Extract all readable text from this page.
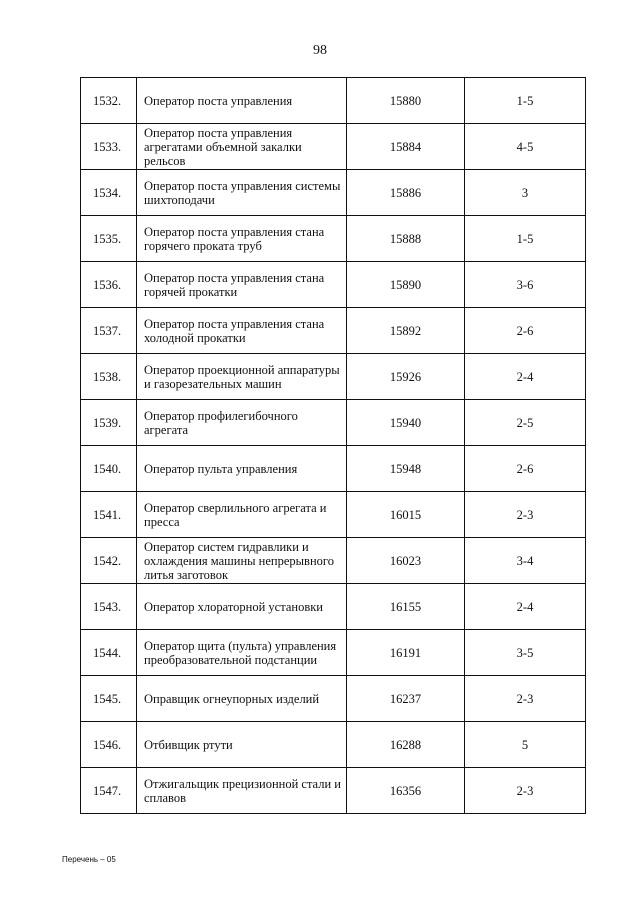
98
1532.	Оператор поста управления	15880	1-5
1533.	Оператор поста управления агрегатами объемной закалки рельсов	15884	4-5
1534.	Оператор поста управления системы шихтоподачи	15886	3
1535.	Оператор поста управления стана горячего проката труб	15888	1-5
1536.	Оператор поста управления стана горячей прокатки	15890	3-6
1537.	Оператор поста управления стана холодной прокатки	15892	2-6
1538.	Оператор проекционной аппаратуры и газорезательных машин	15926	2-4
1539.	Оператор профилегибочного агрегата	15940	2-5
1540.	Оператор пульта управления	15948	2-6
1541.	Оператор сверлильного агрегата и пресса	16015	2-3
1542.	Оператор систем гидравлики и охлаждения машины непрерывного литья заготовок	16023	3-4
1543.	Оператор хлораторной установки	16155	2-4
1544.	Оператор щита (пульта) управления преобразовательной подстанции	16191	3-5
1545.	Оправщик огнеупорных изделий	16237	2-3
1546.	Отбивщик ртути	16288	5
1547.	Отжигальщик прецизионной стали и сплавов	16356	2-3
Перечень – 05
